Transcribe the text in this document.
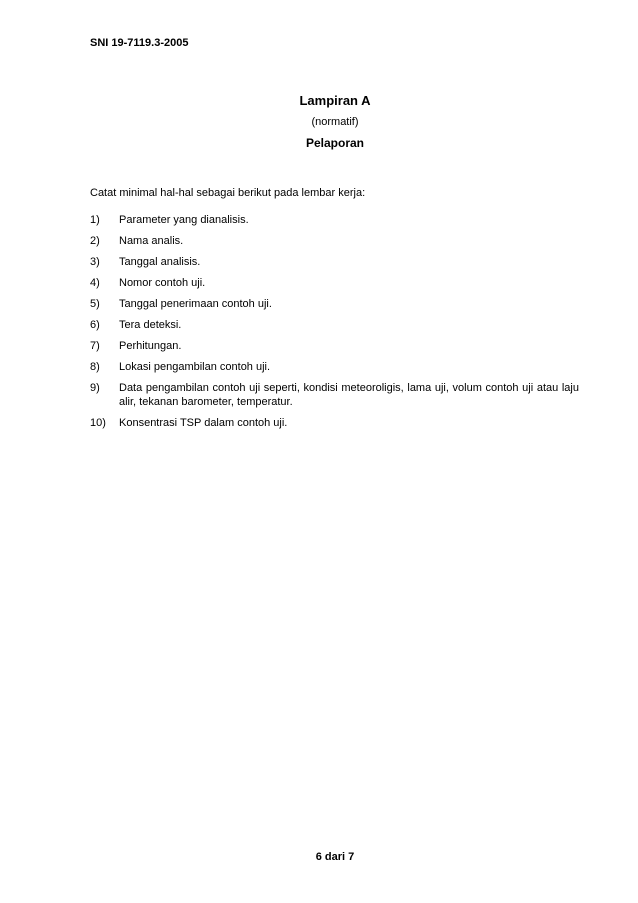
SNI 19-7119.3-2005
Lampiran A
(normatif)
Pelaporan
Catat minimal hal-hal sebagai berikut pada lembar kerja:
1)	Parameter yang dianalisis.
2)	Nama analis.
3)	Tanggal analisis.
4)	Nomor contoh uji.
5)	Tanggal penerimaan contoh uji.
6)	Tera deteksi.
7)	Perhitungan.
8)	Lokasi pengambilan contoh uji.
9)	Data pengambilan contoh uji seperti, kondisi meteoroligis, lama uji, volum contoh uji atau laju alir, tekanan barometer, temperatur.
10)	Konsentrasi TSP dalam contoh uji.
6 dari 7
